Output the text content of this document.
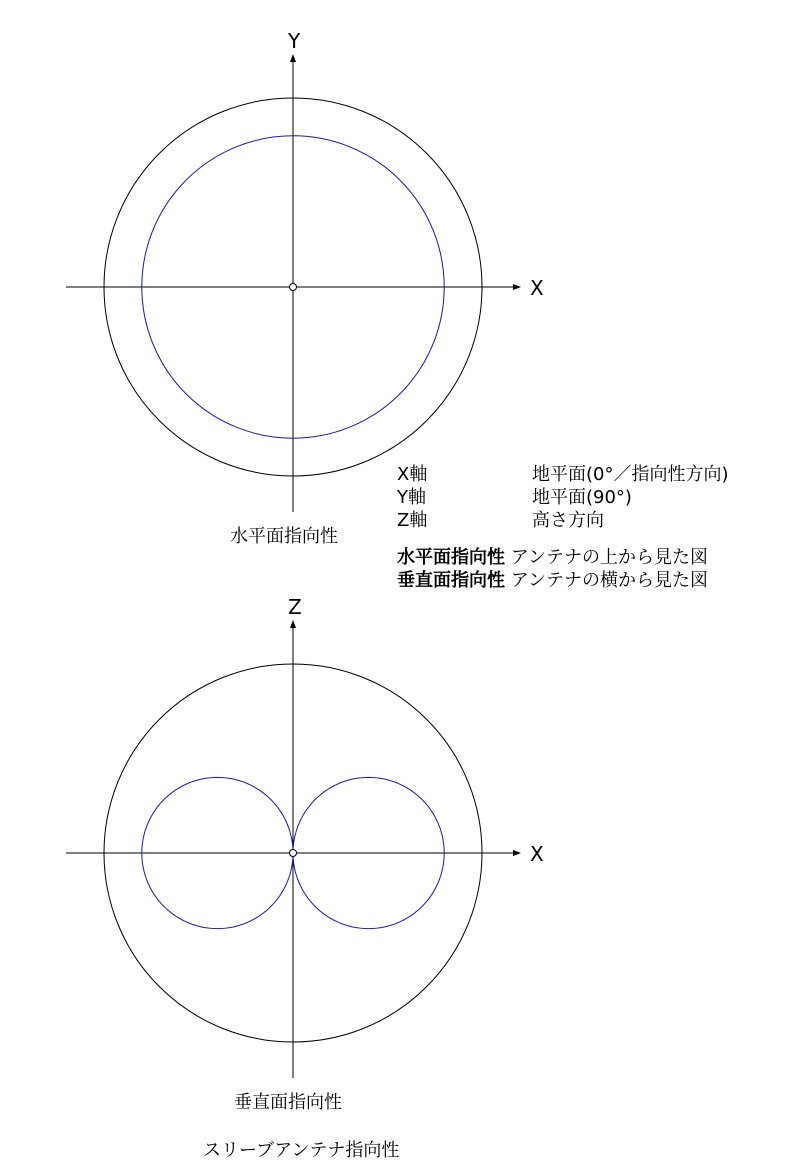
Y
X
水平面指向性
Z
X
垂直面指向性
X軸	地平面(0°／指向性方向)
Y軸	地平面(90°)
Z軸	高さ方向
水平面指向性 アンテナの上から見た図
垂直面指向性 アンテナの横から見た図
スリーブアンテナ指向性
